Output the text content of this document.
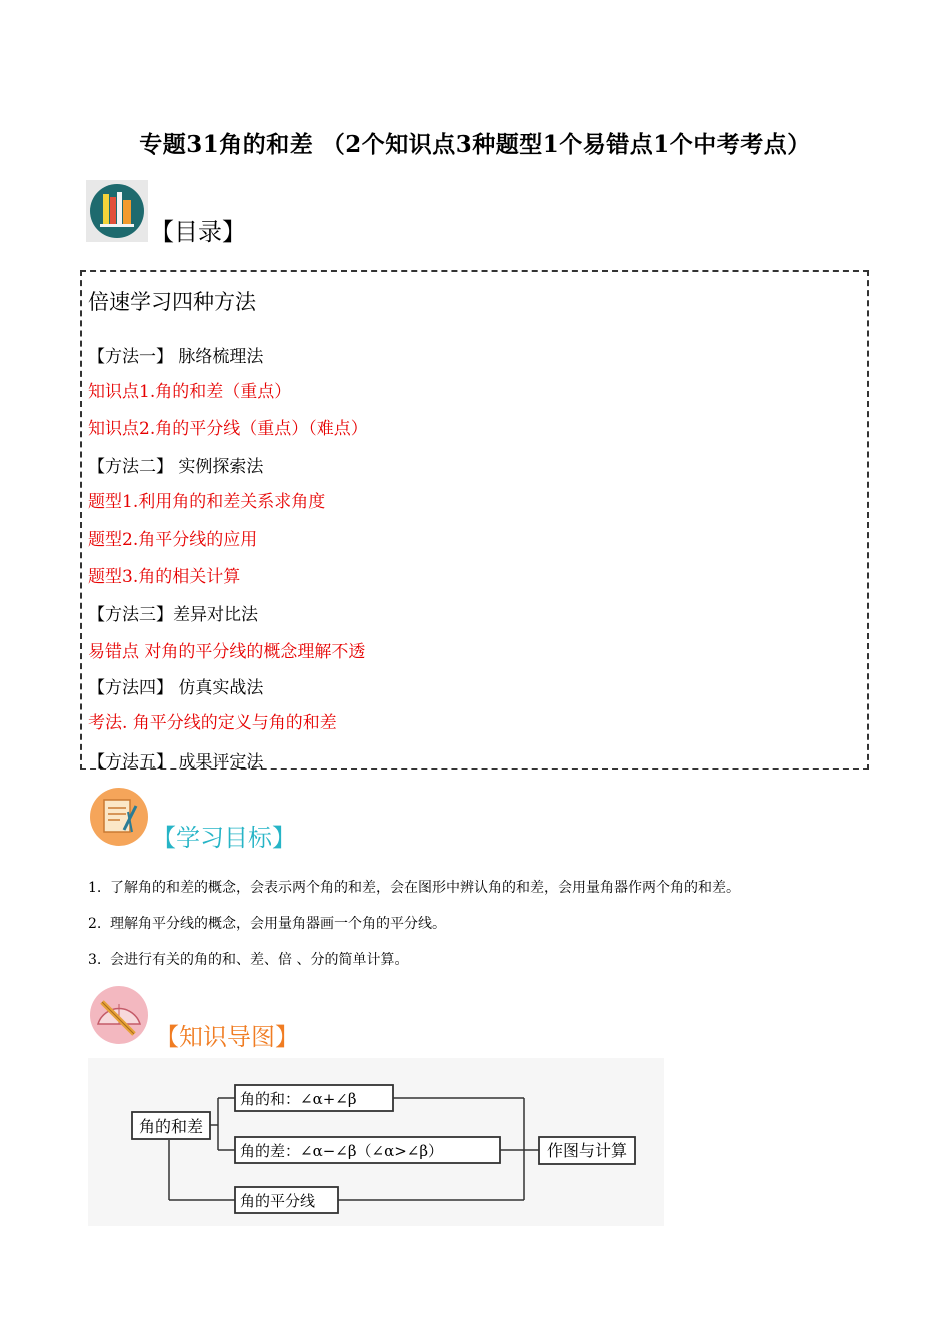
专题31角的和差 （2个知识点3种题型1个易错点1个中考考点）
【目录】
倍速学习四种方法
【方法一】 脉络梳理法
知识点1.角的和差（重点）
知识点2.角的平分线（重点）（难点）
【方法二】 实例探索法
题型1.利用角的和差关系求角度
题型2.角平分线的应用
题型3.角的相关计算
【方法三】差异对比法
易错点 对角的平分线的概念理解不透
【方法四】 仿真实战法
考法. 角平分线的定义与角的和差
【方法五】 成果评定法
【学习目标】
1. 了解角的和差的概念，会表示两个角的和差，会在图形中辨认角的和差，会用量角器作两个角的和差。
2. 理解角平分线的概念，会用量角器画一个角的平分线。
3. 会进行有关的角的和、差、倍 、分的简单计算。
【知识导图】
角的和差
角的和：∠α+∠β
角的差：∠α−∠β（∠α>∠β）
角的平分线
作图与计算
